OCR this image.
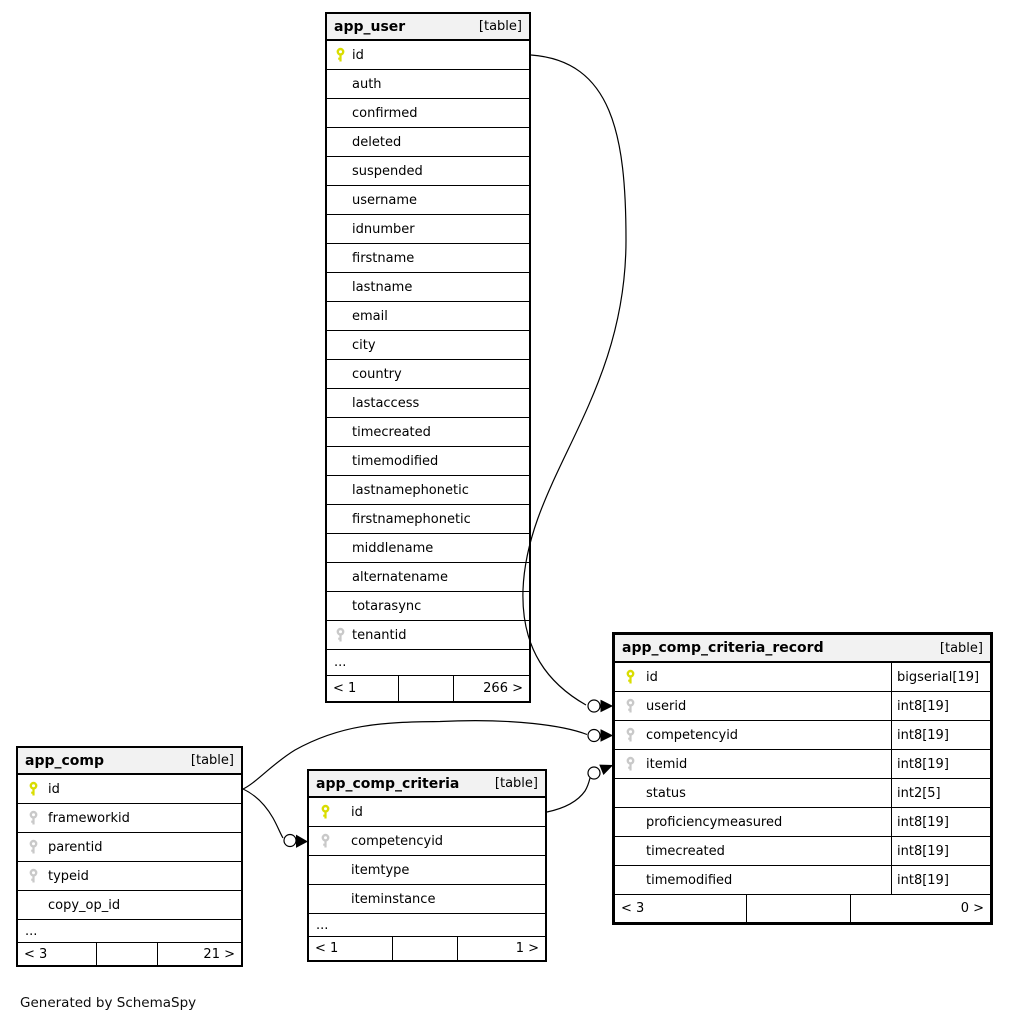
app_user	[table]
id
auth
confirmed
deleted
suspended
username
idnumber
firstname
lastname
email
city
country
lastaccess
timecreated
timemodified
lastnamephonetic
firstnamephonetic
middlename
alternatename
totarasync
tenantid
...
< 1	266 >
app_comp	[table]
id
frameworkid
parentid
typeid
copy_op_id
...
< 3	21 >
app_comp_criteria	[table]
id
competencyid
itemtype
iteminstance
...
< 1	1 >
app_comp_criteria_record	[table]
id	bigserial[19]
userid	int8[19]
competencyid	int8[19]
itemid	int8[19]
status	int2[5]
proficiencymeasured	int8[19]
timecreated	int8[19]
timemodified	int8[19]
< 3	0 >
Generated by SchemaSpy
